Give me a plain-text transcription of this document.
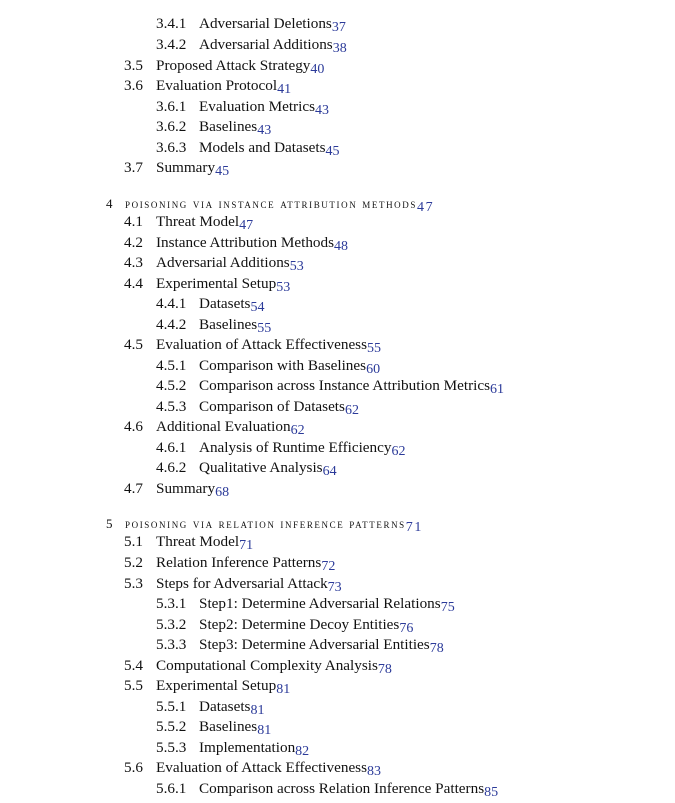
3.4.1 Adversarial Deletions37
3.4.2 Adversarial Additions38
3.5 Proposed Attack Strategy40
3.6 Evaluation Protocol41
3.6.1 Evaluation Metrics43
3.6.2 Baselines43
3.6.3 Models and Datasets45
3.7 Summary45
4 poisoning via instance attribution methods47
4.1 Threat Model47
4.2 Instance Attribution Methods48
4.3 Adversarial Additions53
4.4 Experimental Setup53
4.4.1 Datasets54
4.4.2 Baselines55
4.5 Evaluation of Attack Effectiveness55
4.5.1 Comparison with Baselines60
4.5.2 Comparison across Instance Attribution Metrics61
4.5.3 Comparison of Datasets62
4.6 Additional Evaluation62
4.6.1 Analysis of Runtime Efficiency62
4.6.2 Qualitative Analysis64
4.7 Summary68
5 poisoning via relation inference patterns71
5.1 Threat Model71
5.2 Relation Inference Patterns72
5.3 Steps for Adversarial Attack73
5.3.1 Step1: Determine Adversarial Relations75
5.3.2 Step2: Determine Decoy Entities76
5.3.3 Step3: Determine Adversarial Entities78
5.4 Computational Complexity Analysis78
5.5 Experimental Setup81
5.5.1 Datasets81
5.5.2 Baselines81
5.5.3 Implementation82
5.6 Evaluation of Attack Effectiveness83
5.6.1 Comparison across Relation Inference Patterns85
